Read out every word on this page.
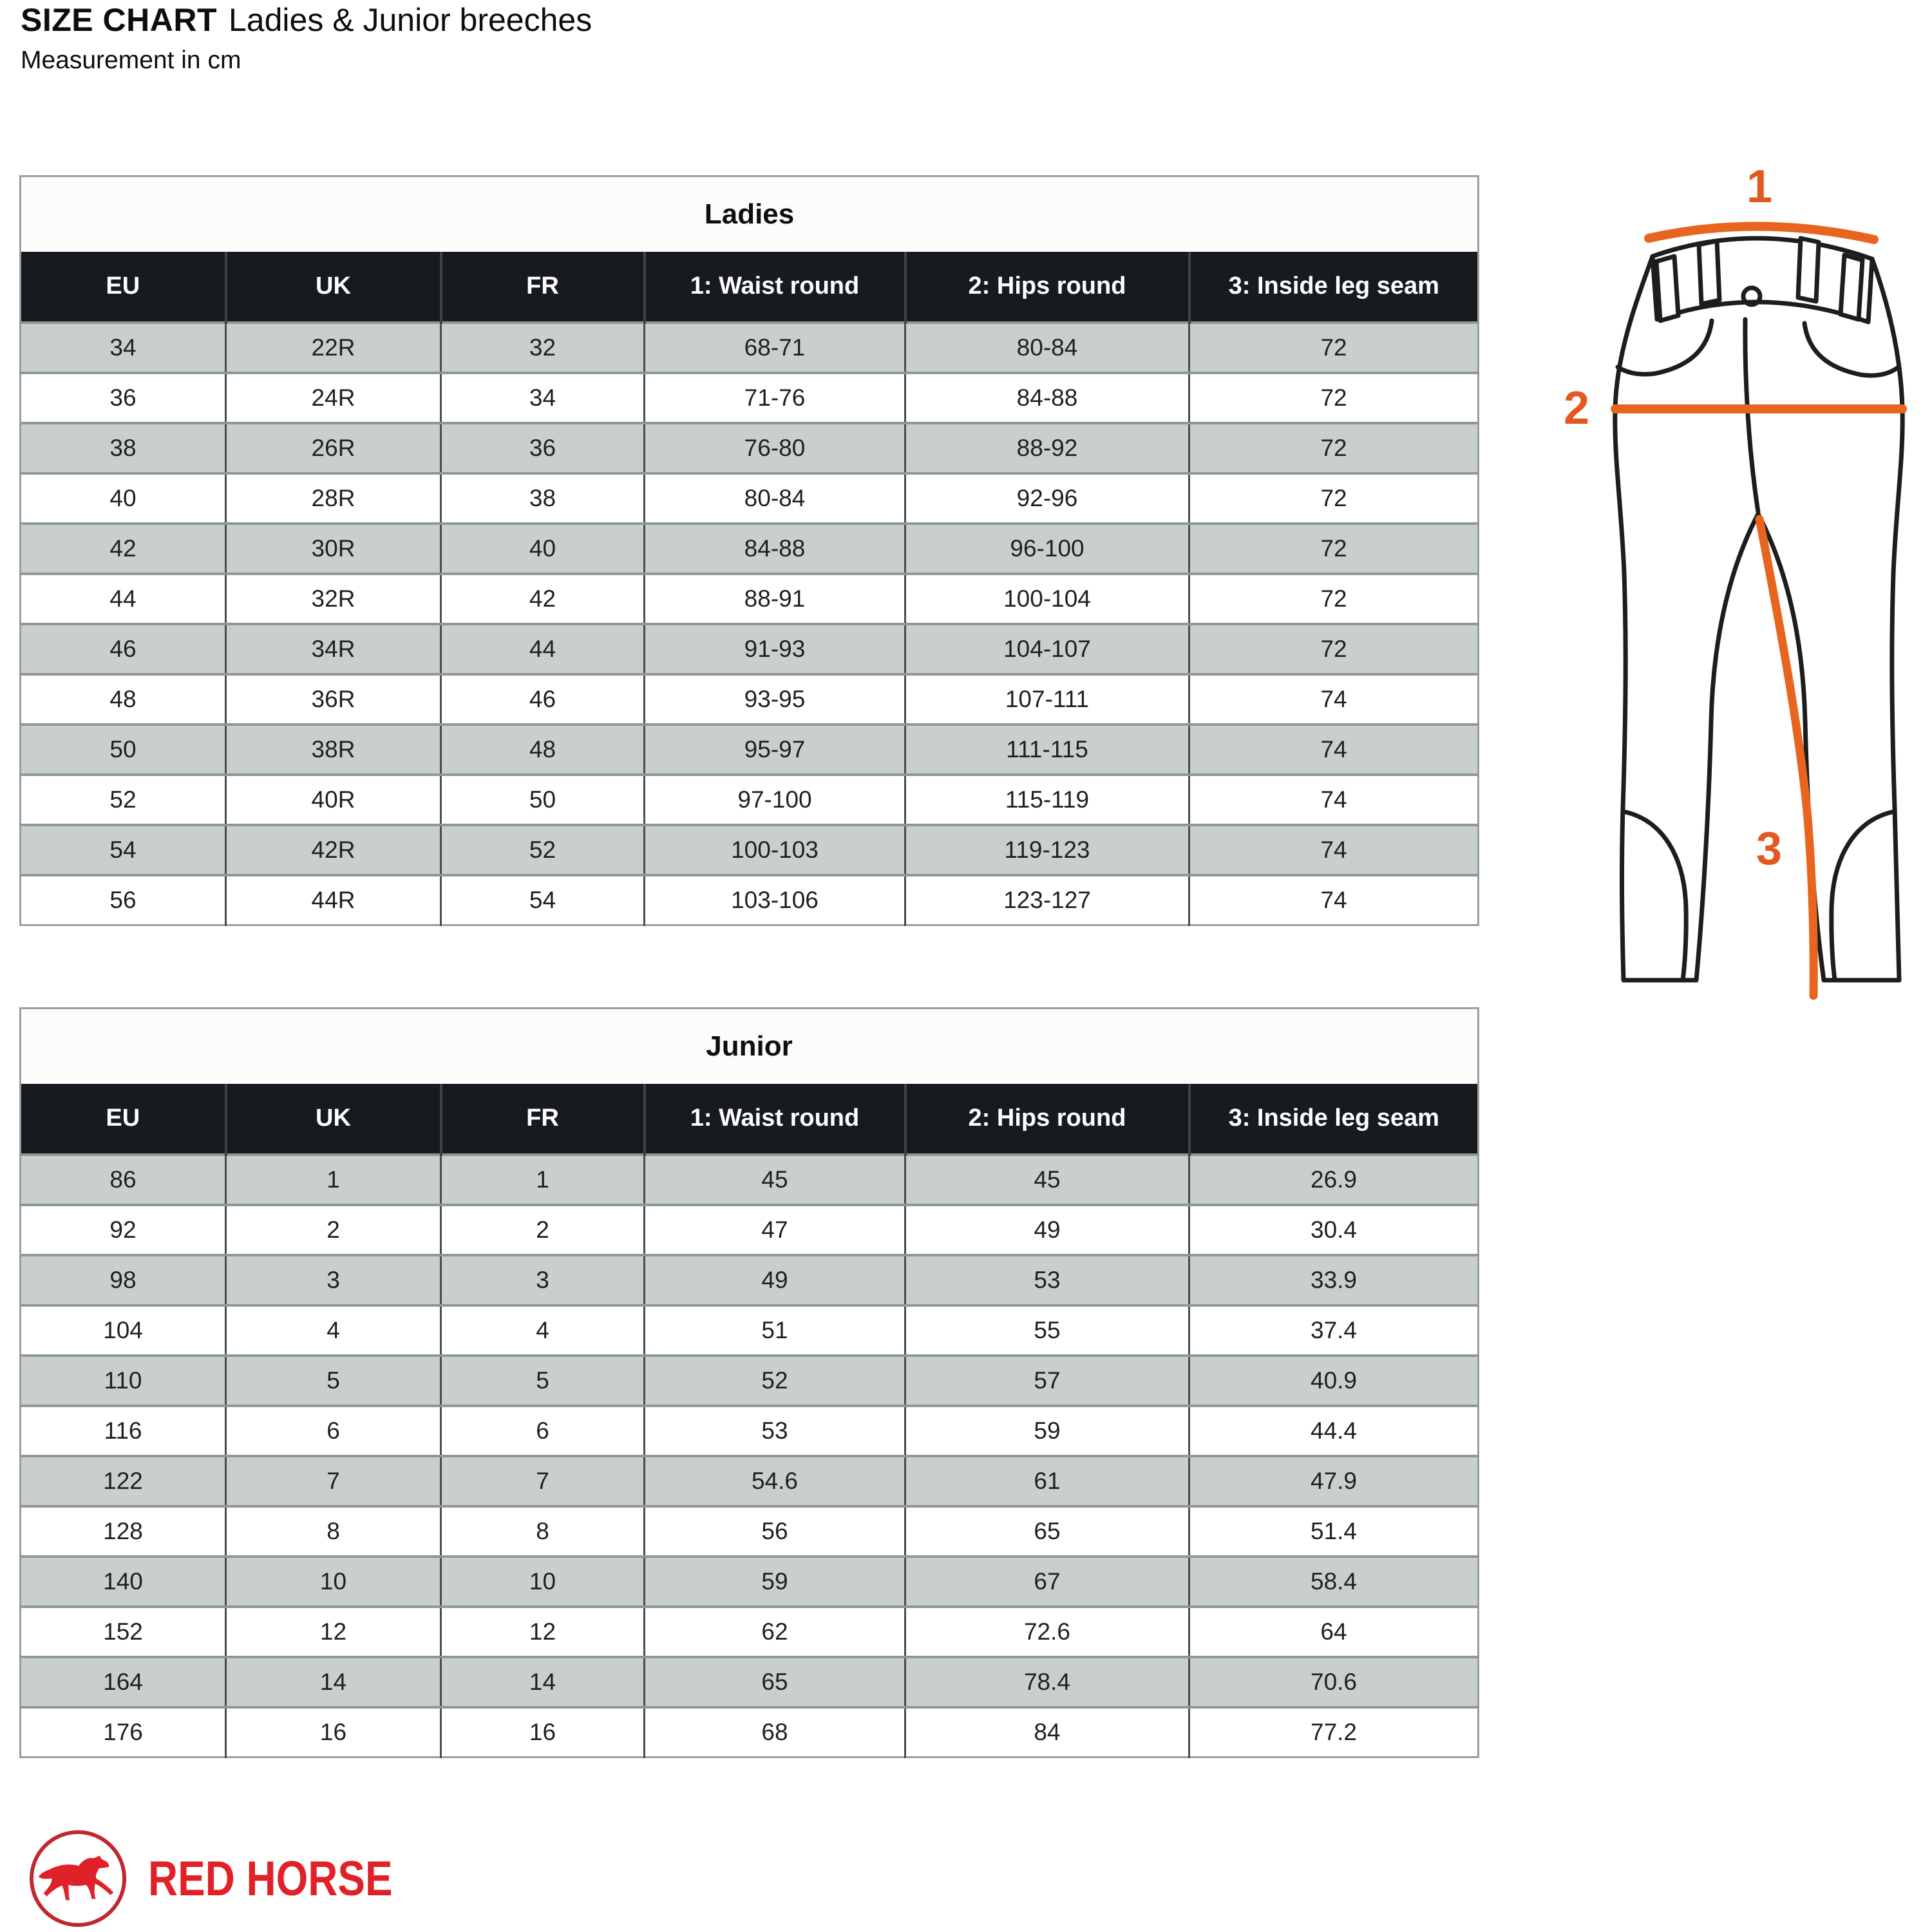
SIZE CHART Ladies & Junior breeches
Measurement in cm
Ladies					
EU	UK	FR	1: Waist round	2: Hips round	3: Inside leg seam
34	22R	32	68-71	80-84	72
36	24R	34	71-76	84-88	72
38	26R	36	76-80	88-92	72
40	28R	38	80-84	92-96	72
42	30R	40	84-88	96-100	72
44	32R	42	88-91	100-104	72
46	34R	44	91-93	104-107	72
48	36R	46	93-95	107-111	74
50	38R	48	95-97	111-115	74
52	40R	50	97-100	115-119	74
54	42R	52	100-103	119-123	74
56	44R	54	103-106	123-127	74
Junior					
EU	UK	FR	1: Waist round	2: Hips round	3: Inside leg seam
86	1	1	45	45	26.9
92	2	2	47	49	30.4
98	3	3	49	53	33.9
104	4	4	51	55	37.4
110	5	5	52	57	40.9
116	6	6	53	59	44.4
122	7	7	54.6	61	47.9
128	8	8	56	65	51.4
140	10	10	59	67	58.4
152	12	12	62	72.6	64
164	14	14	65	78.4	70.6
176	16	16	68	84	77.2
1
2
3
RED HORSE
